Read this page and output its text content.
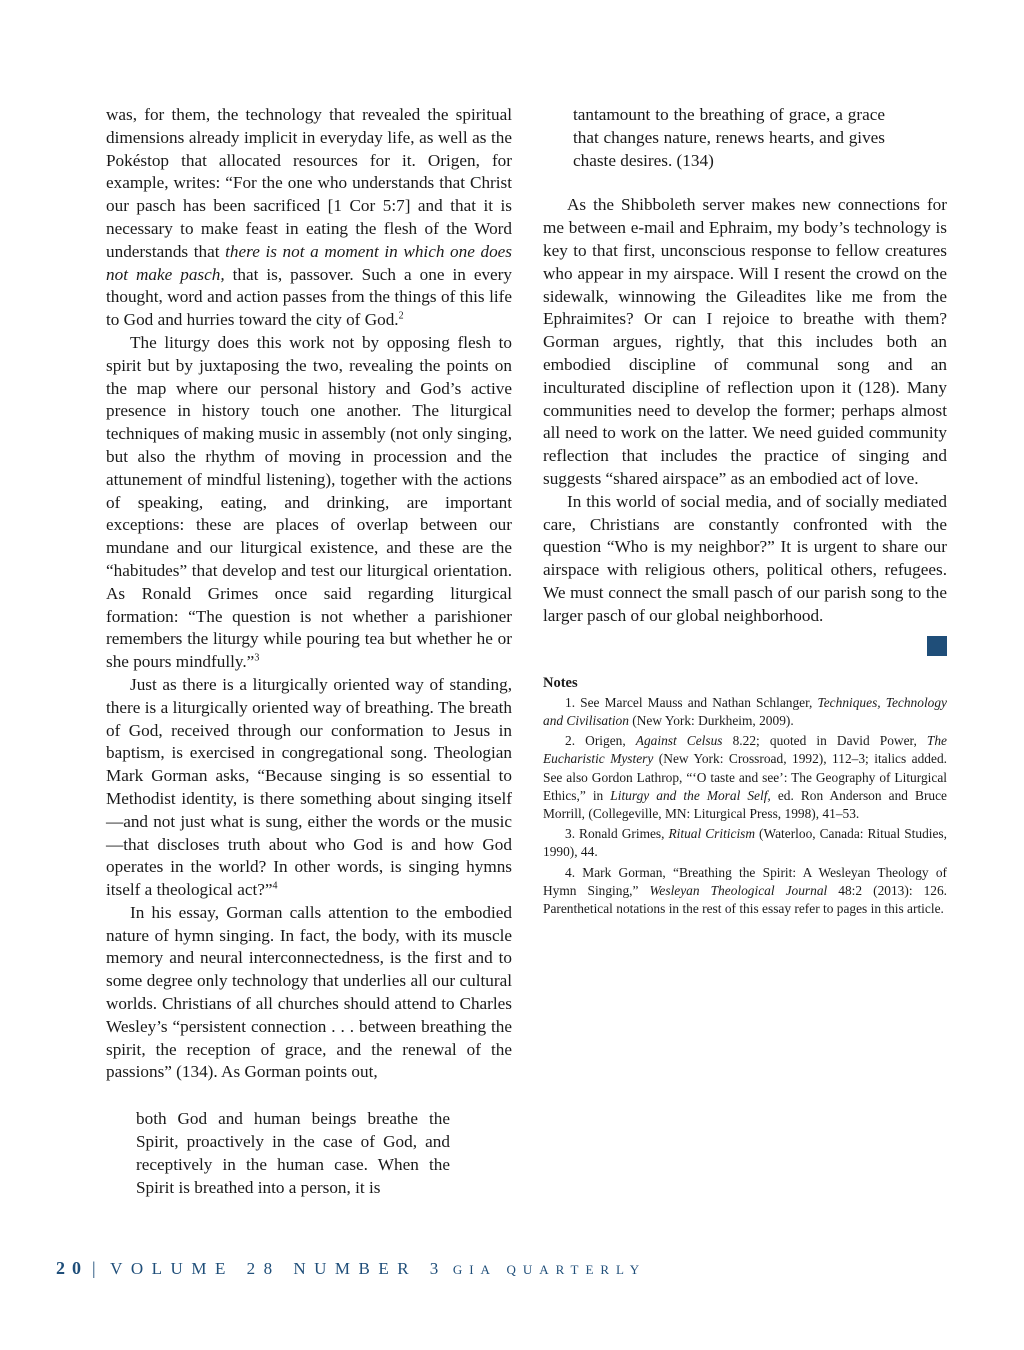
was, for them, the technology that revealed the spiritual dimensions already implicit in everyday life, as well as the Pokéstop that allocated resources for it. Origen, for example, writes: “For the one who understands that Christ our pasch has been sacrificed [1 Cor 5:7] and that it is necessary to make feast in eating the flesh of the Word understands that there is not a moment in which one does not make pasch, that is, passover. Such a one in every thought, word and action passes from the things of this life to God and hurries toward the city of God.$^2$

The liturgy does this work not by opposing flesh to spirit but by juxtaposing the two, revealing the points on the map where our personal history and God’s active presence in history touch one another. The liturgical techniques of making music in assembly (not only singing, but also the rhythm of moving in procession and the attunement of mindful listening), together with the actions of speaking, eating, and drinking, are important exceptions: these are places of overlap between our mundane and our liturgical existence, and these are the “habitudes” that develop and test our liturgical orientation. As Ronald Grimes once said regarding liturgical formation: “The question is not whether a parishioner remembers the liturgy while pouring tea but whether he or she pours mindfully.”$^3$

Just as there is a liturgically oriented way of standing, there is a liturgically oriented way of breathing. The breath of God, received through our conformation to Jesus in baptism, is exercised in congregational song. Theologian Mark Gorman asks, “Because singing is so essential to Methodist identity, is there something about singing itself—and not just what is sung, either the words or the music—that discloses truth about who God is and how God operates in the world? In other words, is singing hymns itself a theological act?”$^4$

In his essay, Gorman calls attention to the embodied nature of hymn singing. In fact, the body, with its muscle memory and neural interconnectedness, is the first and to some degree only technology that underlies all our cultural worlds. Christians of all churches should attend to Charles Wesley’s “persistent connection . . . between breathing the spirit, the reception of grace, and the renewal of the passions” (134). As Gorman points out,

both God and human beings breathe the Spirit, proactively in the case of God, and receptively in the human case. When the Spirit is breathed into a person, it is
tantamount to the breathing of grace, a grace that changes nature, renews hearts, and gives chaste desires. (134)

As the Shibboleth server makes new connections for me between e-mail and Ephraim, my body’s technology is key to that first, unconscious response to fellow creatures who appear in my airspace. Will I resent the crowd on the sidewalk, winnowing the Gileadites like me from the Ephraimites? Or can I rejoice to breathe with them? Gorman argues, rightly, that this includes both an embodied discipline of communal song and an inculturated discipline of reflection upon it (128). Many communities need to develop the former; perhaps almost all need to work on the latter. We need guided community reflection that includes the practice of singing and suggests “shared airspace” as an embodied act of love.

In this world of social media, and of socially mediated care, Christians are constantly confronted with the question “Who is my neighbor?” It is urgent to share our airspace with religious others, political others, refugees. We must connect the small pasch of our parish song to the larger pasch of our global neighborhood.

Notes

1. See Marcel Mauss and Nathan Schlanger, Techniques, Technology and Civilisation (New York: Durkheim, 2009).

2. Origen, Against Celsus 8.22; quoted in David Power, The Eucharistic Mystery (New York: Crossroad, 1992), 112–3; italics added. See also Gordon Lathrop, “‘O taste and see’: The Geography of Liturgical Ethics,” in Liturgy and the Moral Self, ed. Ron Anderson and Bruce Morrill, (Collegeville, MN: Liturgical Press, 1998), 41–53.

3. Ronald Grimes, Ritual Criticism (Waterloo, Canada: Ritual Studies, 1990), 44.

4. Mark Gorman, “Breathing the Spirit: A Wesleyan Theology of Hymn Singing,” Wesleyan Theological Journal 48:2 (2013): 126. Parenthetical notations in the rest of this essay refer to pages in this article.

20 | VOLUME 28 NUMBER 3 GIA QUARTERLY
